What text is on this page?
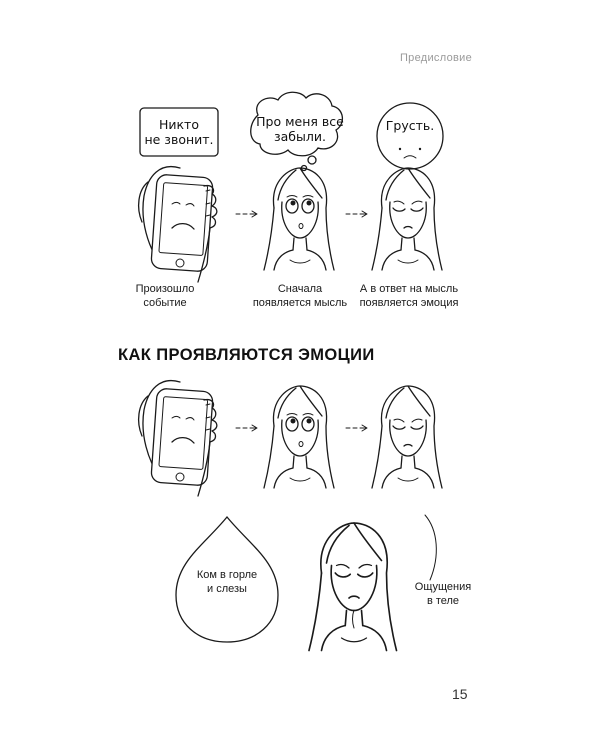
Предисловие
Никто
не звонит.
Про меня все
забыли.
Грусть.
Произошло
событие
Сначала
появляется мысль
А в ответ на мысль
появляется эмоция
КАК ПРОЯВЛЯЮТСЯ ЭМОЦИИ
Ком в горле
и слезы	Ощущения
в теле
15
